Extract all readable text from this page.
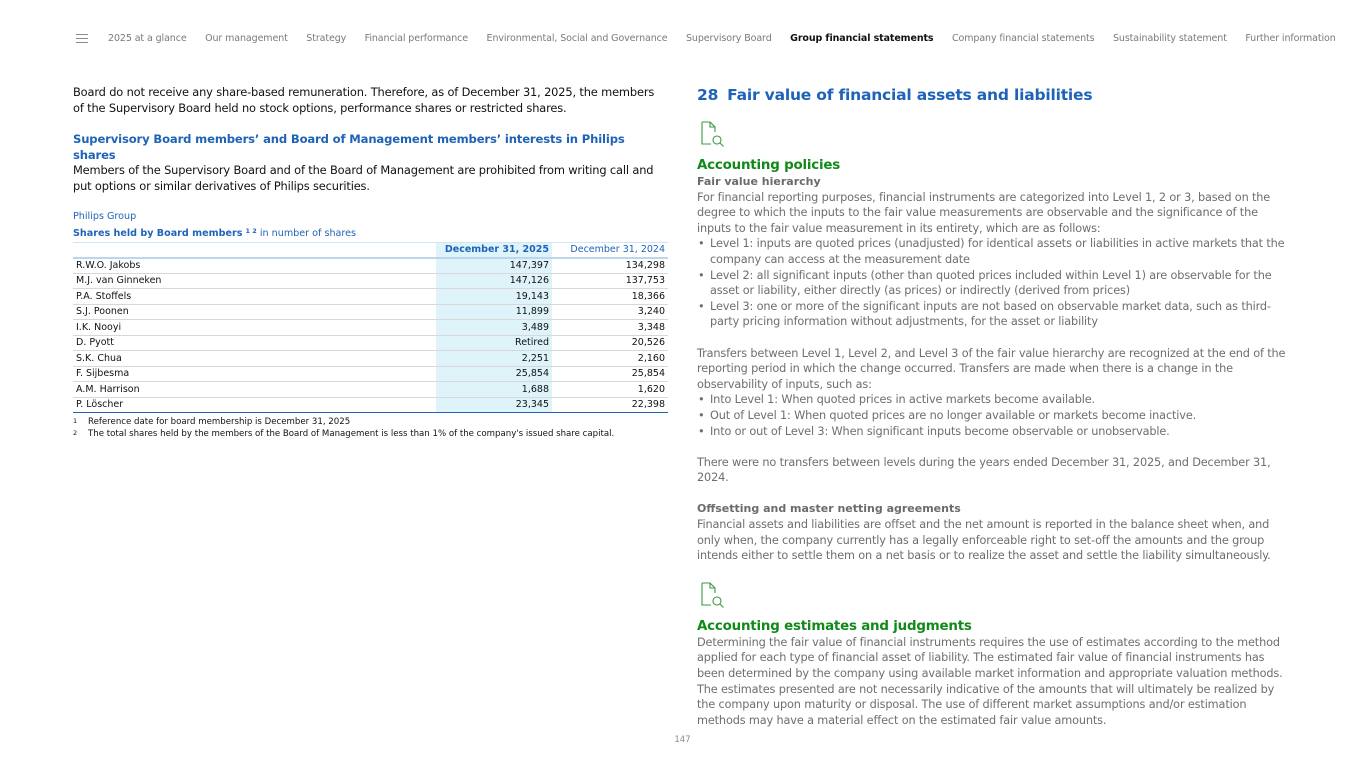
2025 at a glance Our management Strategy Financial performance Environmental, Social and Governance Supervisory Board Group financial statements Company financial statements Sustainability statement Further information

Board do not receive any share-based remuneration. Therefore, as of December 31, 2025, the members of the Supervisory Board held no stock options, performance shares or restricted shares.

Supervisory Board members’ and Board of Management members’ interests in Philips shares

Members of the Supervisory Board and of the Board of Management are prohibited from writing call and put options or similar derivatives of Philips securities.

Philips Group
Shares held by Board members $^{1 2}$ in number of shares
	December 31, 2025	December 31, 2024
R.W.O. Jakobs	147,397	134,298
M.J. van Ginneken	147,126	137,753
P.A. Stoffels	19,143	18,366
S.J. Poonen	11,899	3,240
I.K. Nooyi	3,489	3,348
D. Pyott	Retired	20,526
S.K. Chua	2,251	2,160
F. Sijbesma	25,854	25,854
A.M. Harrison	1,688	1,620
P. Löscher	23,345	22,398
1	Reference date for board membership is December 31, 2025
2	The total shares held by the members of the Board of Management is less than 1% of the company's issued share capital.
28 Fair value of financial assets and liabilities
Accounting policies
Fair value hierarchy

For financial reporting purposes, financial instruments are categorized into Level 1, 2 or 3, based on the degree to which the inputs to the fair value measurements are observable and the significance of the inputs to the fair value measurement in its entirety, which are as follows:

• Level 1: inputs are quoted prices (unadjusted) for identical assets or liabilities in active markets that the company can access at the measurement date
• Level 2: all significant inputs (other than quoted prices included within Level 1) are observable for the asset or liability, either directly (as prices) or indirectly (derived from prices)
• Level 3: one or more of the significant inputs are not based on observable market data, such as third-party pricing information without adjustments, for the asset or liability

Transfers between Level 1, Level 2, and Level 3 of the fair value hierarchy are recognized at the end of the reporting period in which the change occurred. Transfers are made when there is a change in the observability of inputs, such as:

• Into Level 1: When quoted prices in active markets become available.
• Out of Level 1: When quoted prices are no longer available or markets become inactive.
• Into or out of Level 3: When significant inputs become observable or unobservable.

There were no transfers between levels during the years ended December 31, 2025, and December 31, 2024.

Offsetting and master netting agreements

Financial assets and liabilities are offset and the net amount is reported in the balance sheet when, and only when, the company currently has a legally enforceable right to set-off the amounts and the group intends either to settle them on a net basis or to realize the asset and settle the liability simultaneously.

Accounting estimates and judgments

Determining the fair value of financial instruments requires the use of estimates according to the method applied for each type of financial asset of liability. The estimated fair value of financial instruments has been determined by the company using available market information and appropriate valuation methods. The estimates presented are not necessarily indicative of the amounts that will ultimately be realized by the company upon maturity or disposal. The use of different market assumptions and/or estimation methods may have a material effect on the estimated fair value amounts.

147
